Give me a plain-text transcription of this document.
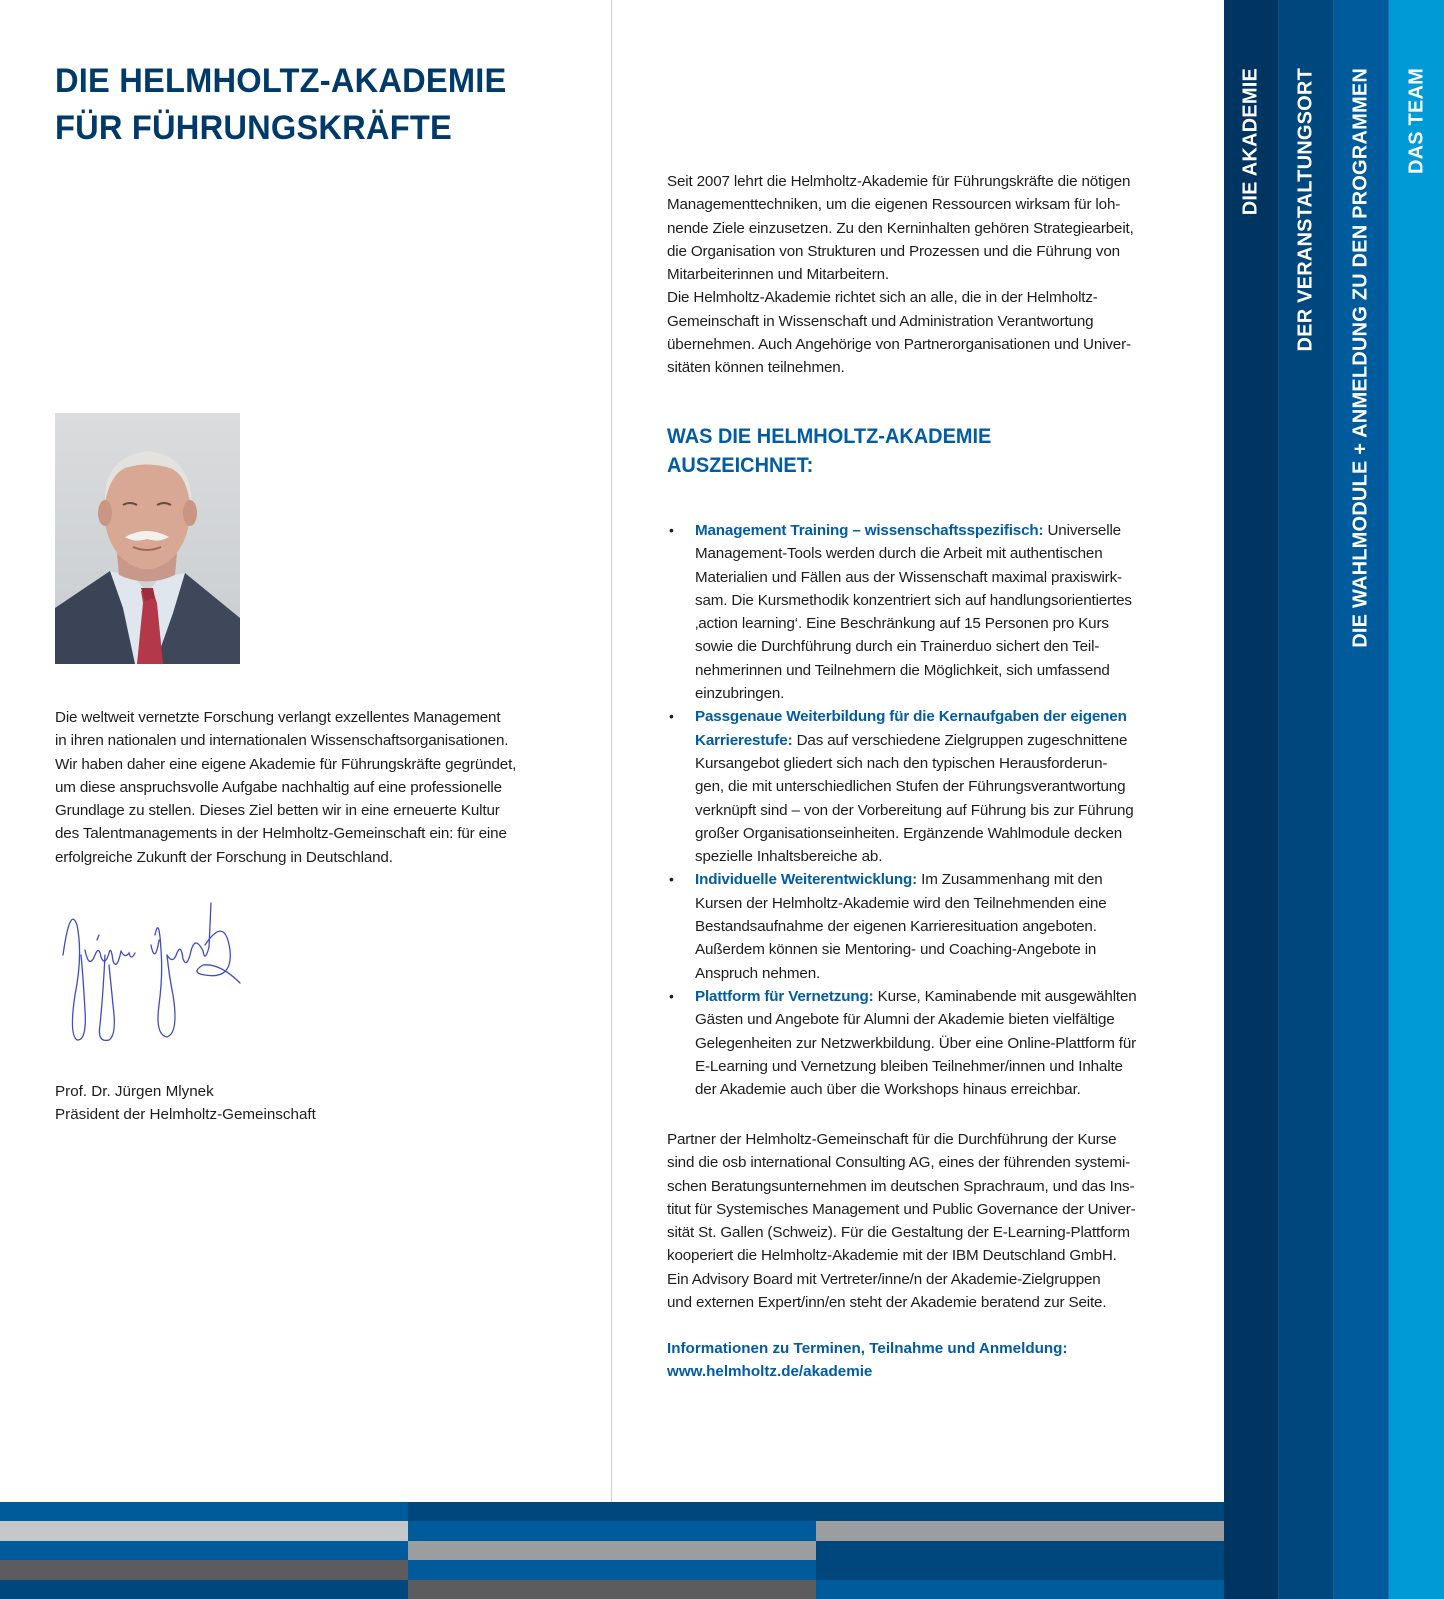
DIE HELMHOLTZ-AKADEMIE
FÜR FÜHRUNGSKRÄFTE

Die weltweit vernetzte Forschung verlangt exzellentes Management
in ihren nationalen und internationalen Wissenschaftsorganisationen.
Wir haben daher eine eigene Akademie für Führungskräfte gegründet,
um diese anspruchsvolle Aufgabe nachhaltig auf eine professionelle
Grundlage zu stellen. Dieses Ziel betten wir in eine erneuerte Kultur
des Talentmanagements in der Helmholtz-Gemeinschaft ein: für eine
erfolgreiche Zukunft der Forschung in Deutschland.

Prof. Dr. Jürgen Mlynek
Präsident der Helmholtz-Gemeinschaft

Seit 2007 lehrt die Helmholtz-Akademie für Führungskräfte die nötigen
Managementtechniken, um die eigenen Ressourcen wirksam für loh-
nende Ziele einzusetzen. Zu den Kerninhalten gehören Strategiearbeit,
die Organisation von Strukturen und Prozessen und die Führung von
Mitarbeiterinnen und Mitarbeitern.
Die Helmholtz-Akademie richtet sich an alle, die in der Helmholtz-
Gemeinschaft in Wissenschaft und Administration Verantwortung
übernehmen. Auch Angehörige von Partnerorganisationen und Univer-
sitäten können teilnehmen.

WAS DIE HELMHOLTZ-AKADEMIE
AUSZEICHNET:
• Management Training – wissenschaftsspezifisch: Universelle
Management-Tools werden durch die Arbeit mit authentischen
Materialien und Fällen aus der Wissenschaft maximal praxiswirk-
sam. Die Kursmethodik konzentriert sich auf handlungsorientiertes
‚action learning‘. Eine Beschränkung auf 15 Personen pro Kurs
sowie die Durchführung durch ein Trainerduo sichert den Teil-
nehmerinnen und Teilnehmern die Möglichkeit, sich umfassend
einzubringen.
• Passgenaue Weiterbildung für die Kernaufgaben der eigenen
Karrierestufe: Das auf verschiedene Zielgruppen zugeschnittene
Kursangebot gliedert sich nach den typischen Herausforderun-
gen, die mit unterschiedlichen Stufen der Führungsverantwortung
verknüpft sind – von der Vorbereitung auf Führung bis zur Führung
großer Organisationseinheiten. Ergänzende Wahlmodule decken
spezielle Inhaltsbereiche ab.
• Individuelle Weiterentwicklung: Im Zusammenhang mit den
Kursen der Helmholtz-Akademie wird den Teilnehmenden eine
Bestandsaufnahme der eigenen Karrieresituation angeboten.
Außerdem können sie Mentoring- und Coaching-Angebote in
Anspruch nehmen.
• Plattform für Vernetzung: Kurse, Kaminabende mit ausgewählten
Gästen und Angebote für Alumni der Akademie bieten vielfältige
Gelegenheiten zur Netzwerkbildung. Über eine Online-Plattform für
E-Learning und Vernetzung bleiben Teilnehmer/innen und Inhalte
der Akademie auch über die Workshops hinaus erreichbar.

Partner der Helmholtz-Gemeinschaft für die Durchführung der Kurse
sind die osb international Consulting AG, eines der führenden systemi-
schen Beratungsunternehmen im deutschen Sprachraum, und das Ins-
titut für Systemisches Management und Public Governance der Univer-
sität St. Gallen (Schweiz). Für die Gestaltung der E-Learning-Plattform
kooperiert die Helmholtz-Akademie mit der IBM Deutschland GmbH.
Ein Advisory Board mit Vertreter/inne/n der Akademie-Zielgruppen
und externen Expert/inn/en steht der Akademie beratend zur Seite.

Informationen zu Terminen, Teilnahme und Anmeldung:
www.helmholtz.de/akademie
DIE AKADEMIE DER VERANSTALTUNGSORT DIE WAHLMODULE + ANMELDUNG ZU DEN PROGRAMMEN DAS TEAM
